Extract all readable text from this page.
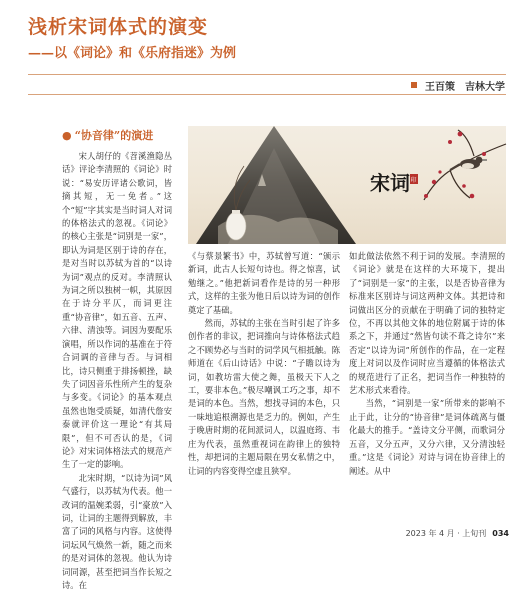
浅析宋词体式的演变
——以《词论》和《乐府指迷》为例
王百策　吉林大学
● “协音律”的演进

宋人胡仔的《苕溪渔隐丛话》评论李清照的《词论》时说：“易安历评诸公歌词，皆摘其短，无一免者。”这个“短”字其实是当时词人对词的体格法式的忽视。《词论》的核心主张是“词别是一家”，即认为词是区别于诗的存在，是对当时以苏轼为首的“以诗为词”观点的反对。李清照认为词之所以独树一帜，其原因在于诗分平仄，而词更注重“协音律”，如五音、五声、六律、清浊等。词因为要配乐演唱，所以作词的基准在于符合词调的音律与否。与词相比，诗只侧重于排扬顿挫，缺失了词因音乐性所产生的复杂与多变。《词论》的基本观点虽然也饱受质疑，如清代詹安泰就评价这一理论“有其局限”，但不可否认的是，《词论》对宋词体格法式的规范产生了一定的影响。

北宋时期，“以诗为词”风气盛行，以苏轼为代表。他一改词的温婉柔弱，引“豪放”入词，让词的主题得到解放，丰富了词的风格与内容。这使得词坛风气焕然一新，随之而来的是对词体的忽视。他认为诗词同源，甚至把词当作长短之诗。在

宋词 印

《与蔡景繁书》中，苏轼曾写道：“颁示新词，此古人长短句诗也。得之惊喜，试勉继之。”他把新词看作是诗的另一种形式，这样的主张为他日后以诗为词的创作奠定了基础。

然而，苏轼的主张在当时引起了许多创作者的非议，把词推向与诗体格法式趋之不顾势必与当时的词学风气相抵触。陈师道在《后山诗话》中说：“子瞻以诗为词，如教坊雷大使之舞，虽极天下人之工，要非本色。”极尽嘲讽工巧之事，却不是词的本色。当然，想找寻词的本色，只一味地追根溯源也是乏力的。例如，产生于晚唐时期的花间派词人，以温庭筠、韦庄为代表，虽然重视词在韵律上的独特性，却把词的主题局限在男女私情之中，让词的内容变得空虚且狭窄。

如此做法依然不利于词的发展。李清照的《词论》就是在这样的大环境下，提出了“词别是一家”的主张，以是否协音律为标准来区别诗与词这两种文体。其把诗和词做出区分的贡献在于明确了词的独特定位，不再以其他文体的地位附属于诗的体系之下，并通过“然皆句读不葺之诗尔”来否定“以诗为词”所创作的作品，在一定程度上对词以及作词时应当遵循的体格法式的规范进行了正名，把词当作一种独特的艺术形式来看待。

当然，“词别是一家”所带来的影响不止于此，让分的“协音律”是词体疏离与僵化最大的推手。“盖诗文分平侧，而歌词分五音，又分五声，又分六律，又分清浊轻重。”这是《词论》对诗与词在协音律上的阐述。从中

2023 年 4 月 · 上旬刊 034
